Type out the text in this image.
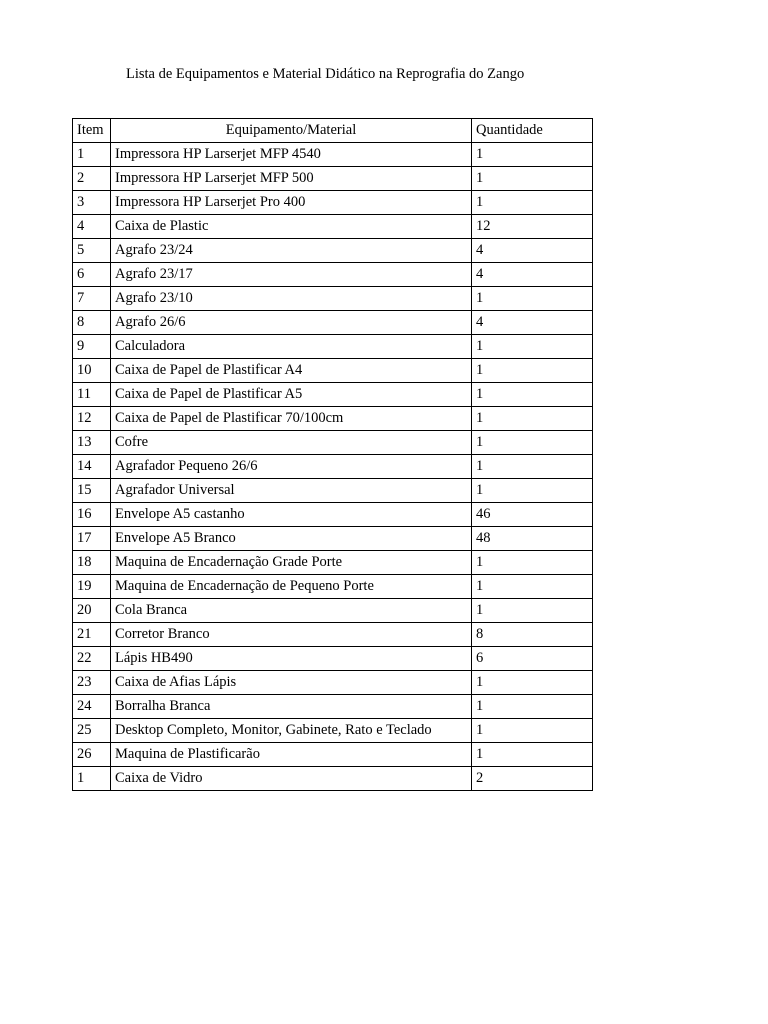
Lista de Equipamentos e Material Didático na Reprografia do Zango
Item	Equipamento/Material	Quantidade
1	Impressora HP Larserjet MFP 4540	1
2	Impressora HP Larserjet MFP 500	1
3	Impressora HP Larserjet Pro 400	1
4	Caixa de Plastic	12
5	Agrafo 23/24	4
6	Agrafo 23/17	4
7	Agrafo 23/10	1
8	Agrafo 26/6	4
9	Calculadora	1
10	Caixa de Papel de Plastificar A4	1
11	Caixa de Papel de Plastificar A5	1
12	Caixa de Papel de Plastificar 70/100cm	1
13	Cofre	1
14	Agrafador Pequeno 26/6	1
15	Agrafador Universal	1
16	Envelope A5 castanho	46
17	Envelope A5 Branco	48
18	Maquina de Encadernação Grade Porte	1
19	Maquina de Encadernação de Pequeno Porte	1
20	Cola Branca	1
21	Corretor Branco	8
22	Lápis HB490	6
23	Caixa de Afias Lápis	1
24	Borralha Branca	1
25	Desktop Completo, Monitor, Gabinete, Rato e Teclado	1
26	Maquina de Plastificarão	1
1	Caixa de Vidro	2
